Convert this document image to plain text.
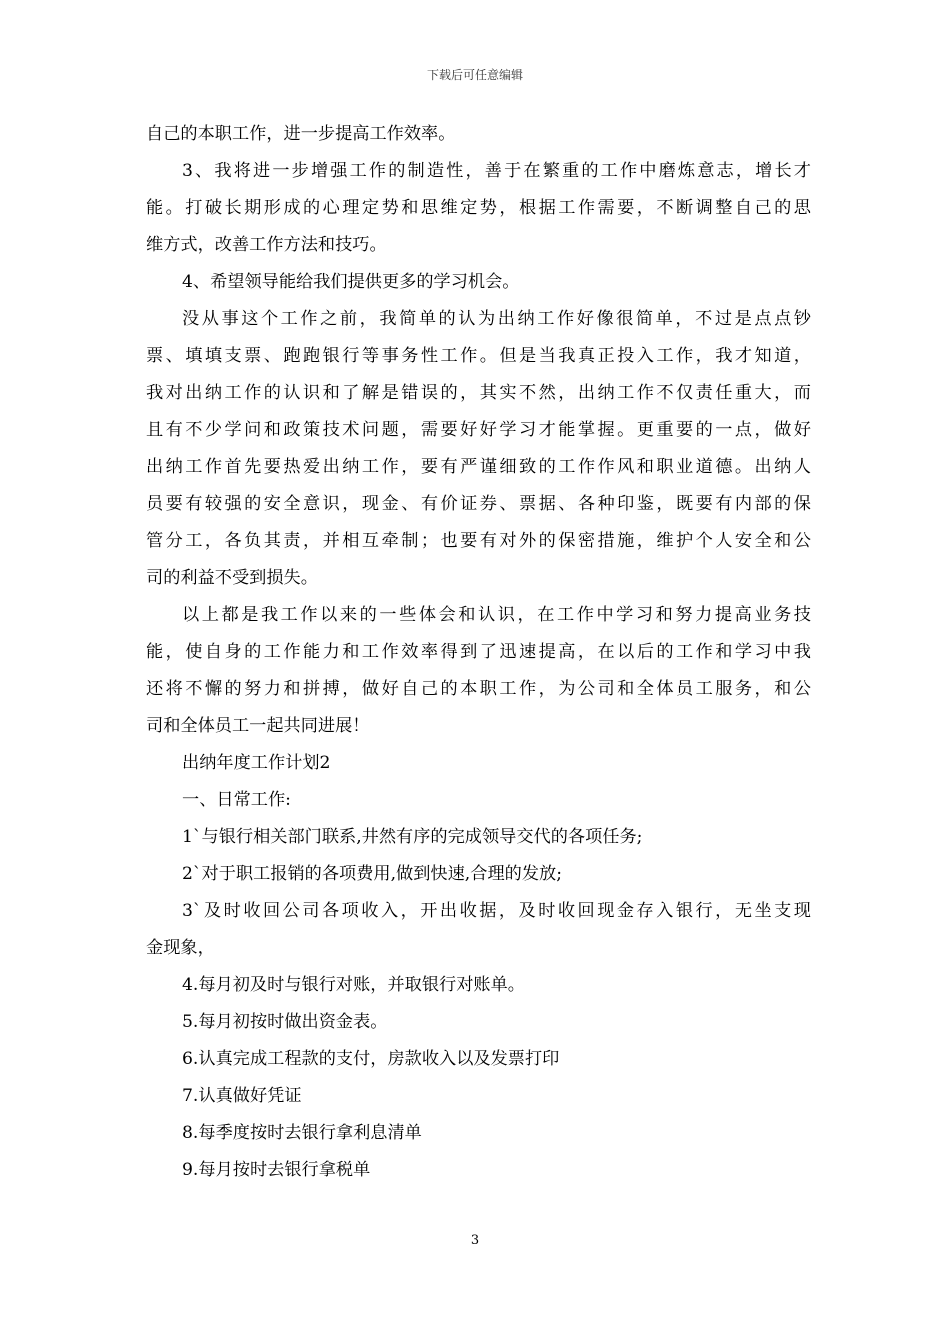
下载后可任意编辑
自己的本职工作，进一步提高工作效率。
3、我将进一步增强工作的制造性，善于在繁重的工作中磨炼意志，增长才
能。打破长期形成的心理定势和思维定势，根据工作需要，不断调整自己的思
维方式，改善工作方法和技巧。
4、希望领导能给我们提供更多的学习机会。
没从事这个工作之前，我简单的认为出纳工作好像很简单，不过是点点钞
票、填填支票、跑跑银行等事务性工作。但是当我真正投入工作，我才知道，
我对出纳工作的认识和了解是错误的，其实不然，出纳工作不仅责任重大，而
且有不少学问和政策技术问题，需要好好学习才能掌握。更重要的一点，做好
出纳工作首先要热爱出纳工作，要有严谨细致的工作作风和职业道德。出纳人
员要有较强的安全意识，现金、有价证券、票据、各种印鉴，既要有内部的保
管分工，各负其责，并相互牵制；也要有对外的保密措施，维护个人安全和公
司的利益不受到损失。
以上都是我工作以来的一些体会和认识，在工作中学习和努力提高业务技
能，使自身的工作能力和工作效率得到了迅速提高，在以后的工作和学习中我
还将不懈的努力和拼搏，做好自己的本职工作，为公司和全体员工服务，和公
司和全体员工一起共同进展！
出纳年度工作计划2
一、日常工作:
1`与银行相关部门联系,井然有序的完成领导交代的各项任务;
2`对于职工报销的各项费用,做到快速,合理的发放;
3`及时收回公司各项收入，开出收据，及时收回现金存入银行，无坐支现
金现象，
4.每月初及时与银行对账，并取银行对账单。
5.每月初按时做出资金表。
6.认真完成工程款的支付，房款收入以及发票打印
7.认真做好凭证
8.每季度按时去银行拿利息清单
9.每月按时去银行拿税单
3
